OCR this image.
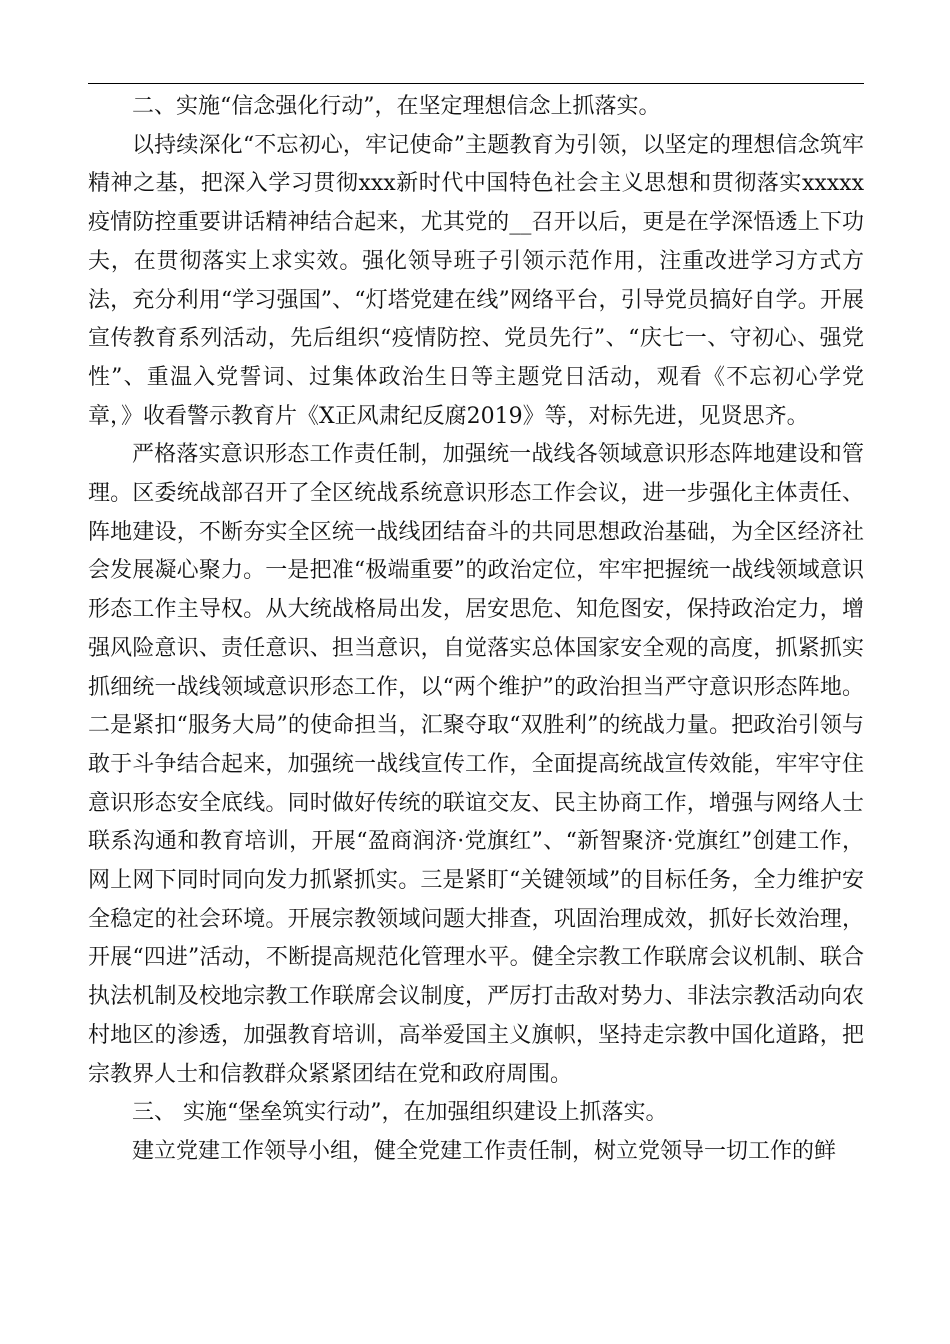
二、实施“信念强化行动”，在坚定理想信念上抓落实。

以持续深化“不忘初心，牢记使命”主题教育为引领，以坚定的理想信念筑牢精神之基，把深入学习贯彻xxx新时代中国特色社会主义思想和贯彻落实xxxxx疫情防控重要讲话精神结合起来，尤其党的__召开以后，更是在学深悟透上下功夫，在贯彻落实上求实效。强化领导班子引领示范作用，注重改进学习方式方法，充分利用“学习强国”、“灯塔党建在线”网络平台，引导党员搞好自学。开展宣传教育系列活动，先后组织“疫情防控、党员先行”、“庆七一、守初心、强党性”、重温入党誓词、过集体政治生日等主题党日活动，观看《不忘初心学党章，》收看警示教育片《X正风肃纪反腐2019》等，对标先进，见贤思齐。

严格落实意识形态工作责任制，加强统一战线各领域意识形态阵地建设和管理。区委统战部召开了全区统战系统意识形态工作会议，进一步强化主体责任、阵地建设，不断夯实全区统一战线团结奋斗的共同思想政治基础，为全区经济社会发展凝心聚力。一是把准“极端重要”的政治定位，牢牢把握统一战线领域意识形态工作主导权。从大统战格局出发，居安思危、知危图安，保持政治定力，增强风险意识、责任意识、担当意识，自觉落实总体国家安全观的高度，抓紧抓实抓细统一战线领域意识形态工作，以“两个维护”的政治担当严守意识形态阵地。二是紧扣“服务大局”的使命担当，汇聚夺取“双胜利”的统战力量。把政治引领与敢于斗争结合起来，加强统一战线宣传工作，全面提高统战宣传效能，牢牢守住意识形态安全底线。同时做好传统的联谊交友、民主协商工作，增强与网络人士联系沟通和教育培训，开展“盈商润济·党旗红”、“新智聚济·党旗红”创建工作，网上网下同时同向发力抓紧抓实。三是紧盯“关键领域”的目标任务，全力维护安全稳定的社会环境。开展宗教领域问题大排查，巩固治理成效，抓好长效治理，开展“四进”活动，不断提高规范化管理水平。健全宗教工作联席会议机制、联合执法机制及校地宗教工作联席会议制度，严厉打击敌对势力、非法宗教活动向农村地区的渗透，加强教育培训，高举爱国主义旗帜，坚持走宗教中国化道路，把宗教界人士和信教群众紧紧团结在党和政府周围。

三、 实施“堡垒筑实行动”，在加强组织建设上抓落实。

建立党建工作领导小组，健全党建工作责任制，树立党领导一切工作的鲜
